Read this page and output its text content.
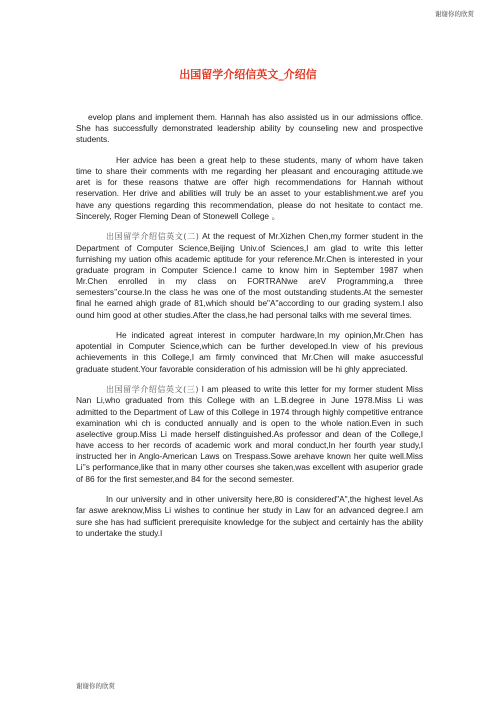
谢谢你的欣赏
出国留学介绍信英文_介绍信

evelop plans and implement them. Hannah has also assisted us in our admissions office. She has successfully demonstrated leadership ability by counseling new and prospective students.

Her advice has been a great help to these students, many of whom have taken time to share their comments with me regarding her pleasant and encouraging attitude.we aret is for these reasons thatwe are offer high recommendations for Hannah without reservation. Her drive and abilities will truly be an asset to your establishment.we aref you have any questions regarding this recommendation, please do not hesitate to contact me. Sincerely, Roger Fleming Dean of Stonewell College 。

出国留学介绍信英文(二) At the request of Mr.Xizhen Chen,my former student in the Department of Computer Science,Beijing Univ.of Sciences,I am glad to write this letter furnishing my uation ofhis academic aptitude for your reference.Mr.Chen is interested in your graduate program in Computer Science.I came to know him in September 1987 when Mr.Chen enrolled in my class on FORTRANwe areV Programming,a three semesters’’course.In the class he was one of the most outstanding students.At the semester final he earned ahigh grade of 81,which should be"A"according to our grading system.I also ound him good at other studies.After the class,he had personal talks with me several times.

He indicated agreat interest in computer hardware,In my opinion,Mr.Chen has apotential in Computer Science,which can be further developed.In view of his previous achievements in this College,I am firmly convinced that Mr.Chen will make asuccessful graduate student.Your favorable consideration of his admission will be hi ghly appreciated.

出国留学介绍信英文(三) I am pleased to write this letter for my former student Miss Nan Li,who graduated from this College with an L.B.degree in June 1978.Miss Li was admitted to the Department of Law of this College in 1974 through highly competitive entrance examination whi ch is conducted annually and is open to the whole nation.Even in such aselective group.Miss Li made herself distinguished.As professor and dean of the College,I have access to her records of academic work and moral conduct,In her fourth year study,I instructed her in Anglo-American Laws on Trespass.Sowe arehave known her quite well.Miss Li’’s performance,like that in many other courses she taken,was excellent with asuperior grade of 86 for the first semester,and 84 for the second semester.

In our university and in other university here,80 is considered"A",the highest level.As far aswe areknow,Miss Li wishes to continue her study in Law for an advanced degree.I am sure she has had sufficient prerequisite knowledge for the subject and certainly has the ability to undertake the study.I

谢谢你的欣赏
